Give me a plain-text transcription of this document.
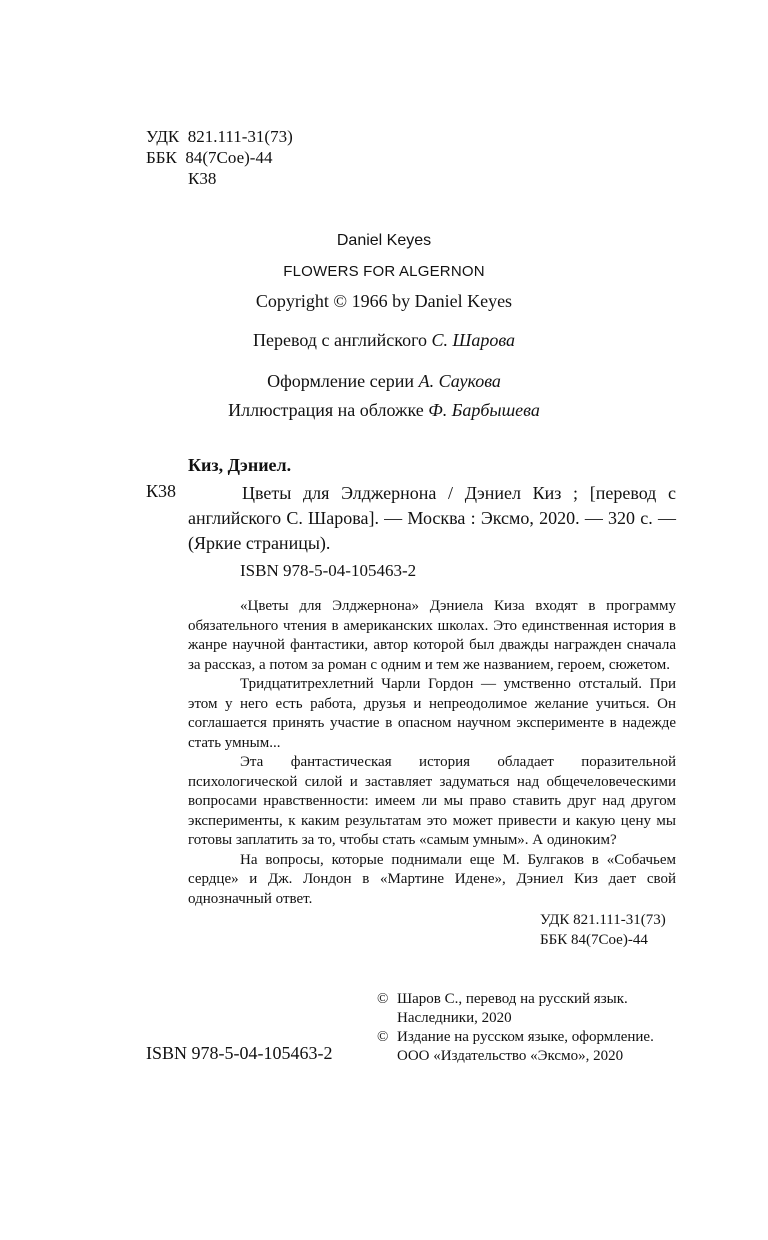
УДК  821.111-31(73)
ББК  84(7Сое)-44
К38
Daniel Keyes
FLOWERS FOR ALGERNON
Copyright © 1966 by Daniel Keyes
Перевод с английского С. Шарова
Оформление серии А. Саукова
Иллюстрация на обложке Ф. Барбышева
Киз, Дэниел.
К38	Цветы для Элджернона / Дэниел Киз ; [перевод с английского С. Шарова]. — Москва : Эксмо, 2020. — 320 с. — (Яркие страницы).
ISBN 978-5-04-105463-2

«Цветы для Элджернона» Дэниела Киза входят в программу обязательного чтения в американских школах. Это единственная история в жанре научной фантастики, автор которой был дважды награжден сначала за рассказ, а потом за роман с одним и тем же названием, героем, сюжетом.

Тридцатитрехлетний Чарли Гордон — умственно отсталый. При этом у него есть работа, друзья и непреодолимое желание учиться. Он соглашается принять участие в опасном научном эксперименте в надежде стать умным...

Эта фантастическая история обладает поразительной психологической силой и заставляет задуматься над общечеловеческими вопросами нравственности: имеем ли мы право ставить друг над другом эксперименты, к каким результатам это может привести и какую цену мы готовы заплатить за то, чтобы стать «самым умным». А одиноким?

На вопросы, которые поднимали еще М. Булгаков в «Собачьем сердце» и Дж. Лондон в «Мартине Идене», Дэниел Киз дает свой однозначный ответ.

УДК 821.111-31(73)
ББК 84(7Сое)-44
© Шаров С., перевод на русский язык.
Наследники, 2020
© Издание на русском языке, оформление.
ООО «Издательство «Эксмо», 2020
ISBN 978-5-04-105463-2
